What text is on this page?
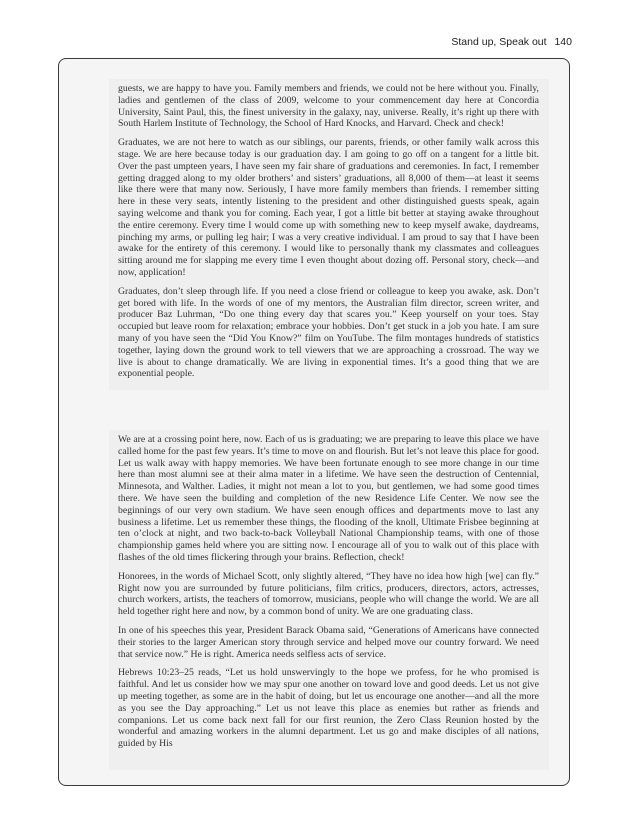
Stand up, Speak out 140

guests, we are happy to have you. Family members and friends, we could not be here without you. Finally, ladies and gentlemen of the class of 2009, welcome to your commencement day here at Concordia University, Saint Paul, this, the finest university in the galaxy, nay, universe. Really, it’s right up there with South Harlem Institute of Technology, the School of Hard Knocks, and Harvard. Check and check!

Graduates, we are not here to watch as our siblings, our parents, friends, or other family walk across this stage. We are here because today is our graduation day. I am going to go off on a tangent for a little bit. Over the past umpteen years, I have seen my fair share of graduations and ceremonies. In fact, I remember getting dragged along to my older brothers’ and sisters’ graduations, all 8,000 of them—at least it seems like there were that many now. Seriously, I have more family members than friends. I remember sitting here in these very seats, intently listening to the president and other distinguished guests speak, again saying welcome and thank you for coming. Each year, I got a little bit better at staying awake throughout the entire ceremony. Every time I would come up with something new to keep myself awake, daydreams, pinching my arms, or pulling leg hair; I was a very creative individual. I am proud to say that I have been awake for the entirety of this ceremony. I would like to personally thank my classmates and colleagues sitting around me for slapping me every time I even thought about dozing off. Personal story, check—and now, application!

Graduates, don’t sleep through life. If you need a close friend or colleague to keep you awake, ask. Don’t get bored with life. In the words of one of my mentors, the Australian film director, screen writer, and producer Baz Luhrman, “Do one thing every day that scares you.” Keep yourself on your toes. Stay occupied but leave room for relaxation; embrace your hobbies. Don’t get stuck in a job you hate. I am sure many of you have seen the “Did You Know?” film on YouTube. The film montages hundreds of statistics together, laying down the ground work to tell viewers that we are approaching a crossroad. The way we live is about to change dramatically. We are living in exponential times. It’s a good thing that we are exponential people.

We are at a crossing point here, now. Each of us is graduating; we are preparing to leave this place we have called home for the past few years. It’s time to move on and flourish. But let’s not leave this place for good. Let us walk away with happy memories. We have been fortunate enough to see more change in our time here than most alumni see at their alma mater in a lifetime. We have seen the destruction of Centennial, Minnesota, and Walther. Ladies, it might not mean a lot to you, but gentlemen, we had some good times there. We have seen the building and completion of the new Residence Life Center. We now see the beginnings of our very own stadium. We have seen enough offices and departments move to last any business a lifetime. Let us remember these things, the flooding of the knoll, Ultimate Frisbee beginning at ten o’clock at night, and two back-to-back Volleyball National Championship teams, with one of those championship games held where you are sitting now. I encourage all of you to walk out of this place with flashes of the old times flickering through your brains. Reflection, check!

Honorees, in the words of Michael Scott, only slightly altered, “They have no idea how high [we] can fly.” Right now you are surrounded by future politicians, film critics, producers, directors, actors, actresses, church workers, artists, the teachers of tomorrow, musicians, people who will change the world. We are all held together right here and now, by a common bond of unity. We are one graduating class.

In one of his speeches this year, President Barack Obama said, “Generations of Americans have connected their stories to the larger American story through service and helped move our country forward. We need that service now.” He is right. America needs selfless acts of service.

Hebrews 10:23–25 reads, “Let us hold unswervingly to the hope we profess, for he who promised is faithful. And let us consider how we may spur one another on toward love and good deeds. Let us not give up meeting together, as some are in the habit of doing, but let us encourage one another—and all the more as you see the Day approaching.” Let us not leave this place as enemies but rather as friends and companions. Let us come back next fall for our first reunion, the Zero Class Reunion hosted by the wonderful and amazing workers in the alumni department. Let us go and make disciples of all nations, guided by His
